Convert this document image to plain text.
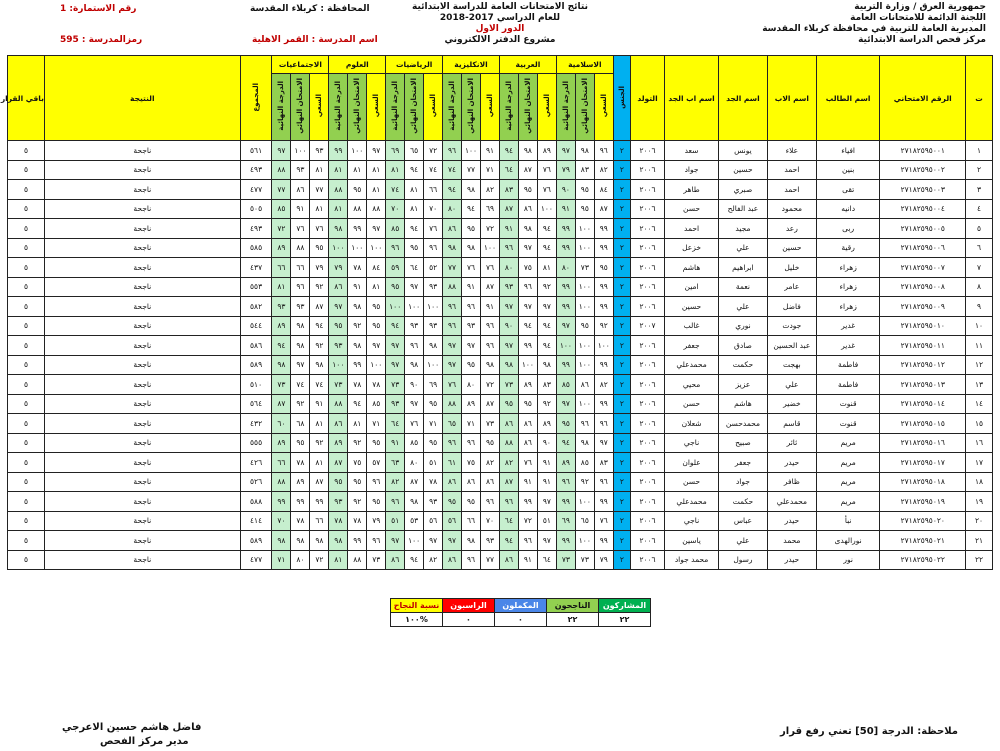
جمهورية العرق / وزارة التربية
اللجنة الدائمة للامتحانات العامة
المديرية العامة للتربية في محافظة كربلاء المقدسة
مركز فحص الدراسة الابتدائية
نتائج الامتحانات العامة للدراسة الابتدائية
للعام الدراسي 2017-2018
الدور الاول
مشروع الدفتر الالكتروني
المحافظة : كربلاء المقدسة
رقم الاستمارة: 1
اسم المدرسة : القمر الاهلية
رمزالمدرسة : 595
ت	الرقم الامتحاني	اسم الطالب	اسم الاب	اسم الجد	اسم اب الجد	التولد	الجنس	الاسلامية			العربية			الانكليزية			الرياضيات			العلوم			الاجتماعيات			المجموع	النتيجة	باقي القرار
								السعي	الامتحان النهائي	الدرجة النهائية	السعي	الامتحان النهائي	الدرجة النهائية	السعي	الامتحان النهائي	الدرجة النهائية	السعي	الامتحان النهائي	الدرجة النهائية	السعي	الامتحان النهائي	الدرجة النهائية	السعي	الامتحان النهائي	الدرجة النهائية			
١	٢٧١٨٢٥٩٥٠٠١	افياء	علاء	يونس	سعد	٢٠٠٦	٢	٩٦	٩٨	٩٧	٨٩	٩٨	٩٤	٩١	١٠٠	٩٦	٧٢	٦٥	٦٩	٩٧	١٠٠	٩٩	٩٣	١٠٠	٩٧	٥٦١	ناجحة	٥
٢	٢٧١٨٢٥٩٥٠٠٢	بنين	احمد	حسين	جواد	٢٠٠٦	٢	٨٢	٨٣	٧٩	٧٦	٨٧	٦٤	٧١	٧٧	٧٤	٧٤	٩٤	٨١	٨١	٨١	٨١	٨١	٩٣	٨٨	٤٩٣	ناجحة	٥
٣	٢٧١٨٢٥٩٥٠٠٣	تقى	احمد	صبري	طاهر	٢٠٠٦	٢	٨٤	٩٥	٩٠	٧٦	٩٥	٨٣	٨٢	٩٨	٩٤	٦٦	٨١	٧٤	٨١	٩٥	٨٨	٧٧	٨٦	٧٧	٤٧٧	ناجحة	٥
٤	٢٧١٨٢٥٩٥٠٠٤	دانيه	محمود	عبد الفالح	حسن	٢٠٠٦	٢	٨٧	٩٥	٩١	١٠٠	٨٦	٨٧	٦٩	٩٤	٨٠	٧٠	٨١	٧٠	٨٨	٨٨	٨١	٨١	٩١	٨٥	٥٠٥	ناجحة	٥
٥	٢٧١٨٢٥٩٥٠٠٥	ربى	رعد	مجيد	احمد	٢٠٠٦	٢	٩٩	١٠٠	٩٩	٩٤	٩٨	٩١	٧٢	٩٥	٨٦	٧٦	٩٤	٨٥	٩٧	٩٩	٩٨	٧٦	٧٦	٧٢	٤٩٣	ناجحة	٥
٦	٢٧١٨٢٥٩٥٠٠٦	رقية	حسين	علي	خزعل	٢٠٠٦	٢	٩٩	١٠٠	٩٩	٩٤	٩٧	٩٦	١٠٠	٩٨	٩٨	٩٦	٩٥	٩٦	١٠٠	١٠٠	١٠٠	٩٥	٨٨	٨٩	٥٨٥	ناجحة	٥
٧	٢٧١٨٢٥٩٥٠٠٧	زهراء	خليل	ابراهيم	هاشم	٢٠٠٦	٢	٩٥	٧٣	٨٠	٨١	٧٥	٨٠	٧٦	٧٦	٧٧	٥٢	٦٤	٥٩	٨٤	٧٨	٧٩	٧٩	٦٦	٦٦	٤٣٧	ناجحة	٥
٨	٢٧١٨٢٥٩٥٠٠٨	زهراء	عامر	نعمة	امين	٢٠٠٦	٢	٩٩	١٠٠	٩٩	٩٢	٩٦	٩٣	٨٧	٩١	٨٨	٩٣	٩٧	٩٥	٨١	٩١	٨٦	٩٢	٩٦	٨١	٥٥٣	ناجحة	٥
٩	٢٧١٨٢٥٩٥٠٠٩	زهراء	فاضل	علي	حسين	٢٠٠٦	٢	٩٩	١٠٠	٩٩	٩٧	٩٧	٩٧	٩١	٩٦	٩٦	١٠٠	١٠٠	١٠٠	٩٥	٩٨	٩٧	٨٧	٩٣	٩٣	٥٨٢	ناجحة	٥
١٠	٢٧١٨٢٥٩٥٠١٠	غدير	جودت	نوري	غالب	٢٠٠٧	٢	٩٢	٩٥	٩٧	٩٤	٩٤	٩٠	٩٦	٩٣	٩٦	٩٣	٩٣	٩٤	٩٥	٩٢	٩٥	٩٤	٩٨	٨٩	٥٤٤	ناجحة	٥
١١	٢٧١٨٢٥٩٥٠١١	غدير	عبد الحسين	صادق	جعفر	٢٠٠٦	٢	١٠٠	١٠٠	١٠٠	٩٤	٩٩	٩٧	٩٦	٩٧	٩٧	٩٨	٩٦	٩٧	٩٧	٩٨	٩٣	٩٢	٩٨	٩٤	٥٨٦	ناجحة	٥
١٢	٢٧١٨٢٥٩٥٠١٢	فاطمة	بهجت	حكمت	محمدعلي	٢٠٠٦	٢	٩٩	١٠٠	٩٩	٩٨	١٠٠	٩٨	٩٨	٩٥	٩٧	١٠٠	٩٨	٩٧	١٠٠	٩٩	١٠٠	٩٨	٩٧	٩٨	٥٨٩	ناجحة	٥
١٣	٢٧١٨٢٥٩٥٠١٣	فاطمة	علي	عزيز	محيي	٢٠٠٦	٢	٨٢	٨٦	٨٥	٨٣	٨٩	٧٣	٧٢	٨٠	٧٦	٦٩	٩٠	٧٣	٧٨	٧٨	٧٣	٧٤	٧٤	٧٣	٥١٠	ناجحة	٥
١٤	٢٧١٨٢٥٩٥٠١٤	قنوت	خضير	هاشم	حسن	٢٠٠٦	٢	٩٩	١٠٠	٩٧	٩٢	٩٥	٩٥	٨٧	٨٩	٨٨	٩٥	٩٧	٩٣	٨٥	٩٤	٨٨	٩١	٩٢	٨٧	٥٦٤	ناجحة	٥
١٥	٢٧١٨٢٥٩٥٠١٥	قنوت	قاسم	محمدحسن	شعلان	٢٠٠٦	٢	٩٦	٩٦	٩٥	٨٩	٨٦	٨٦	٧٣	٧١	٦٥	٧١	٧٦	٦٤	٧١	٨١	٨٦	٨١	٦٨	٦٠	٤٣٢	ناجحة	٥
١٦	٢٧١٨٢٥٩٥٠١٦	مريم	ثائر	صبيح	ناجي	٢٠٠٦	٢	٩٧	٩٨	٩٤	٩٠	٨٦	٨٨	٩٥	٩٦	٩٦	٩٥	٨٥	٩١	٩٥	٩٢	٨٩	٩٢	٩٥	٨٩	٥٥٥	ناجحة	٥
١٧	٢٧١٨٢٥٩٥٠١٧	مريم	حيدر	جعفر	علوان	٢٠٠٦	٢	٨٣	٨٥	٨٩	٩١	٧٦	٨٢	٨٢	٧٥	٦١	٥١	٨٠	٦٣	٥٧	٧٥	٨٧	٨١	٧٨	٦٦	٤٢٦	ناجحة	٥
١٨	٢٧١٨٢٥٩٥٠١٨	مريم	ظافر	جواد	حسن	٢٠٠٦	٢	٩٦	٩٢	٩٦	٩١	٩١	٨٧	٨٦	٨٦	٨٦	٧٨	٨٧	٨٢	٩٦	٩٥	٩٥	٨٧	٨٩	٨٨	٥٢٦	ناجحة	٥
١٩	٢٧١٨٢٥٩٥٠١٩	مريم	محمدعلي	حكمت	محمدعلي	٢٠٠٦	٢	٩٩	١٠٠	٩٩	٩٧	٩٩	٩٦	٩٦	٩٥	٩٥	٩٣	٩٨	٩٦	٩٥	٩٢	٩٣	٩٩	٩٩	٩٩	٥٨٨	ناجحة	٥
٢٠	٢٧١٨٢٥٩٥٠٢٠	نبأ	حيدر	عباس	ناجي	٢٠٠٦	٢	٧٦	٦٥	٦٩	٥١	٧٢	٦٤	٧٠	٦٦	٥٦	٥٦	٥٣	٥١	٧٩	٧٨	٧٨	٦٦	٧٨	٧٠	٤١٤	ناجحة	٥
٢١	٢٧١٨٢٥٩٥٠٢١	نورالهدى	محمد	علي	ياسين	٢٠٠٦	٢	٩٩	١٠٠	٩٩	٩٧	٩٦	٩٤	٩٣	٩٨	٩٧	٩٧	١٠٠	٩٧	٩٦	٩٩	٩٨	٩٨	٩٨	٩٨	٥٨٩	ناجحة	٥
٢٢	٢٧١٨٢٥٩٥٠٢٢	نور	حيدر	رسول	محمد جواد	٢٠٠٦	٢	٧٩	٧٣	٧٣	٦٤	٩١	٨٦	٧٧	٩٦	٨٦	٨٢	٩٤	٨٦	٧٣	٨٨	٨١	٧٢	٨٠	٧١	٤٧٧	ناجحة	٥
المشاركون	الناجحون	المكملون	الراسبون	نسبة النجاح
٢٢	٢٢	٠	٠	%١٠٠
فاضل هاشم حسين الاعرجي
مدير مركز الفحص
ملاحظة: الدرجة [50] تعني رفع قرار
